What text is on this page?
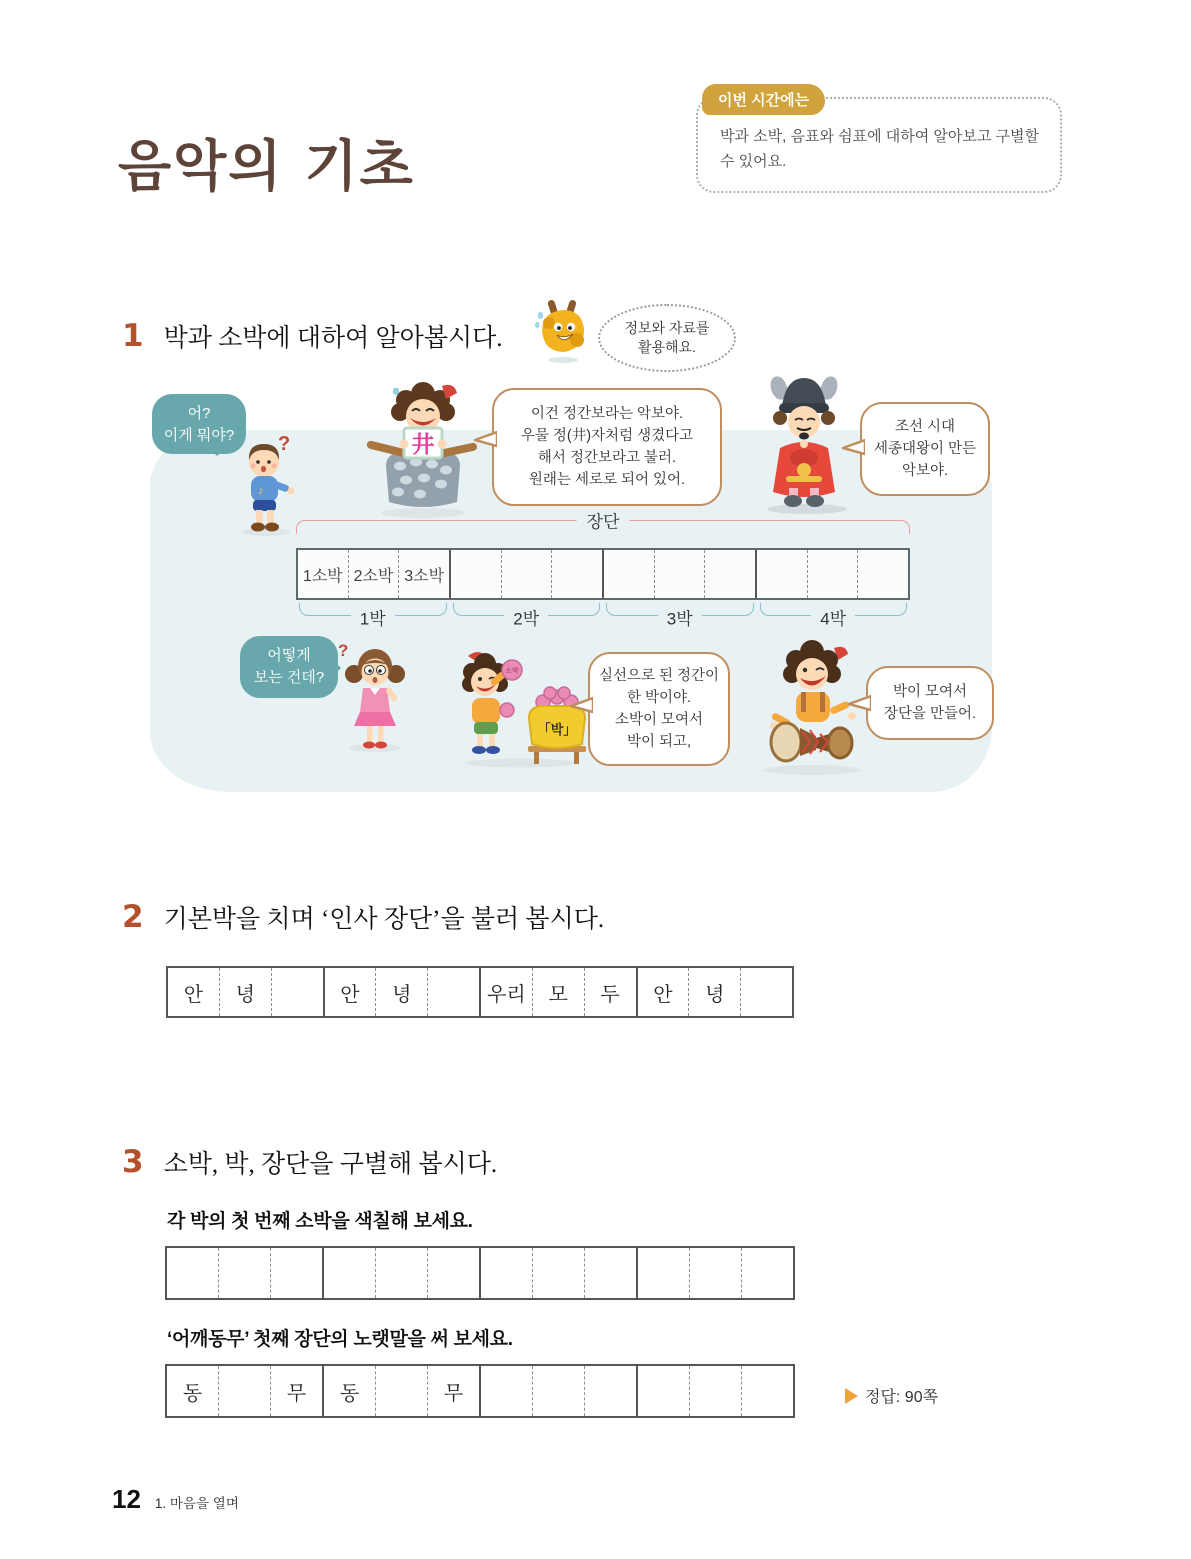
음악의 기초
이번 시간에는
박과 소박, 음표와 쉼표에 대하여 알아보고 구별할 수 있어요.
1 박과 소박에 대하여 알아봅시다.	정보와 자료를
활용해요.
어?
이게 뭐야?	?
♪
井
이건 정간보라는 악보야.
우물 정(井)자처럼 생겼다고
해서 정간보라고 불러.
원래는 세로로 되어 있어.
조선 시대
세종대왕이 만든
악보야.
장단
1소박 2소박 3소박
1박	2박	3박	4박
어떻게
보는 건데?
?
소박
「박」
실선으로 된 정간이
한 박이야.
소박이 모여서
박이 되고,
박이 모여서
장단을 만들어.
2 기본박을 치며 ‘인사 장단’을 불러 봅시다.
안	녕	안	녕	우리	모	두	안	녕
3 소박, 박, 장단을 구별해 봅시다.
각 박의 첫 번째 소박을 색칠해 보세요.
‘어깨동무’ 첫째 장단의 노랫말을 써 보세요.
동	무	동	무	정답: 90쪽
12 1. 마음을 열며
